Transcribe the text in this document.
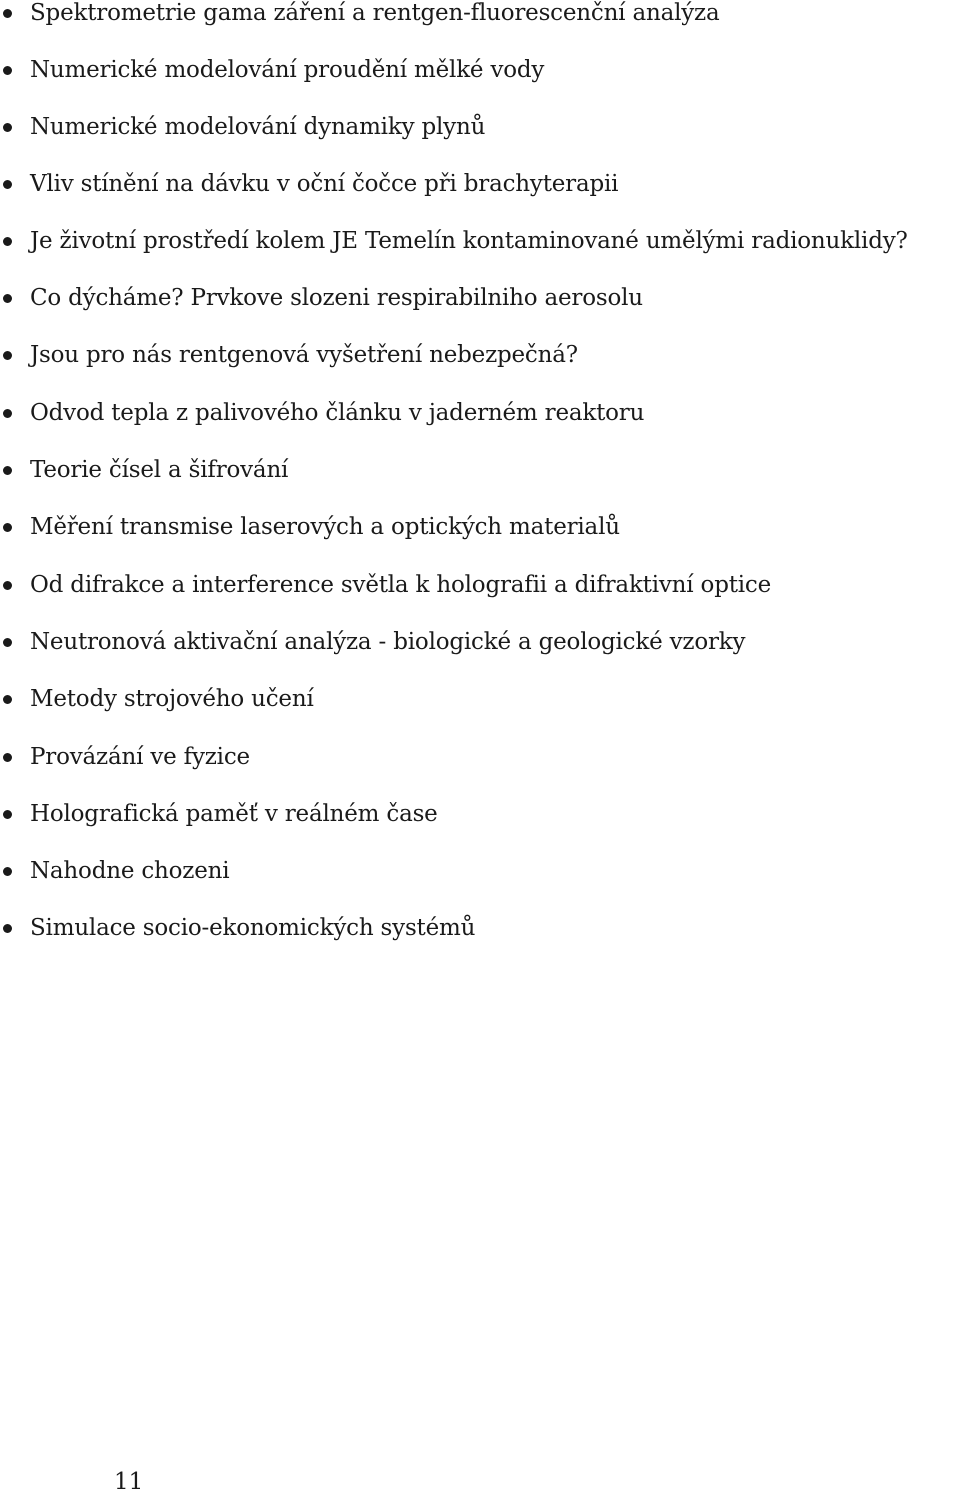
Spektrometrie gama záření a rentgen-fluorescenční analýza
Numerické modelování proudění mělké vody
Numerické modelování dynamiky plynů
Vliv stínění na dávku v oční čočce při brachyterapii
Je životní prostředí kolem JE Temelín kontaminované umělými radionuklidy?
Co dýcháme? Prvkove slozeni respirabilniho aerosolu
Jsou pro nás rentgenová vyšetření nebezpečná?
Odvod tepla z palivového článku v jaderném reaktoru
Teorie čísel a šifrování
Měření transmise laserových a optických materialů
Od difrakce a interference světla k holografii a difraktivní optice
Neutronová aktivační analýza - biologické a geologické vzorky
Metody strojového učení
Provázání ve fyzice
Holografická paměť v reálném čase
Nahodne chozeni
Simulace socio-ekonomických systémů
11
